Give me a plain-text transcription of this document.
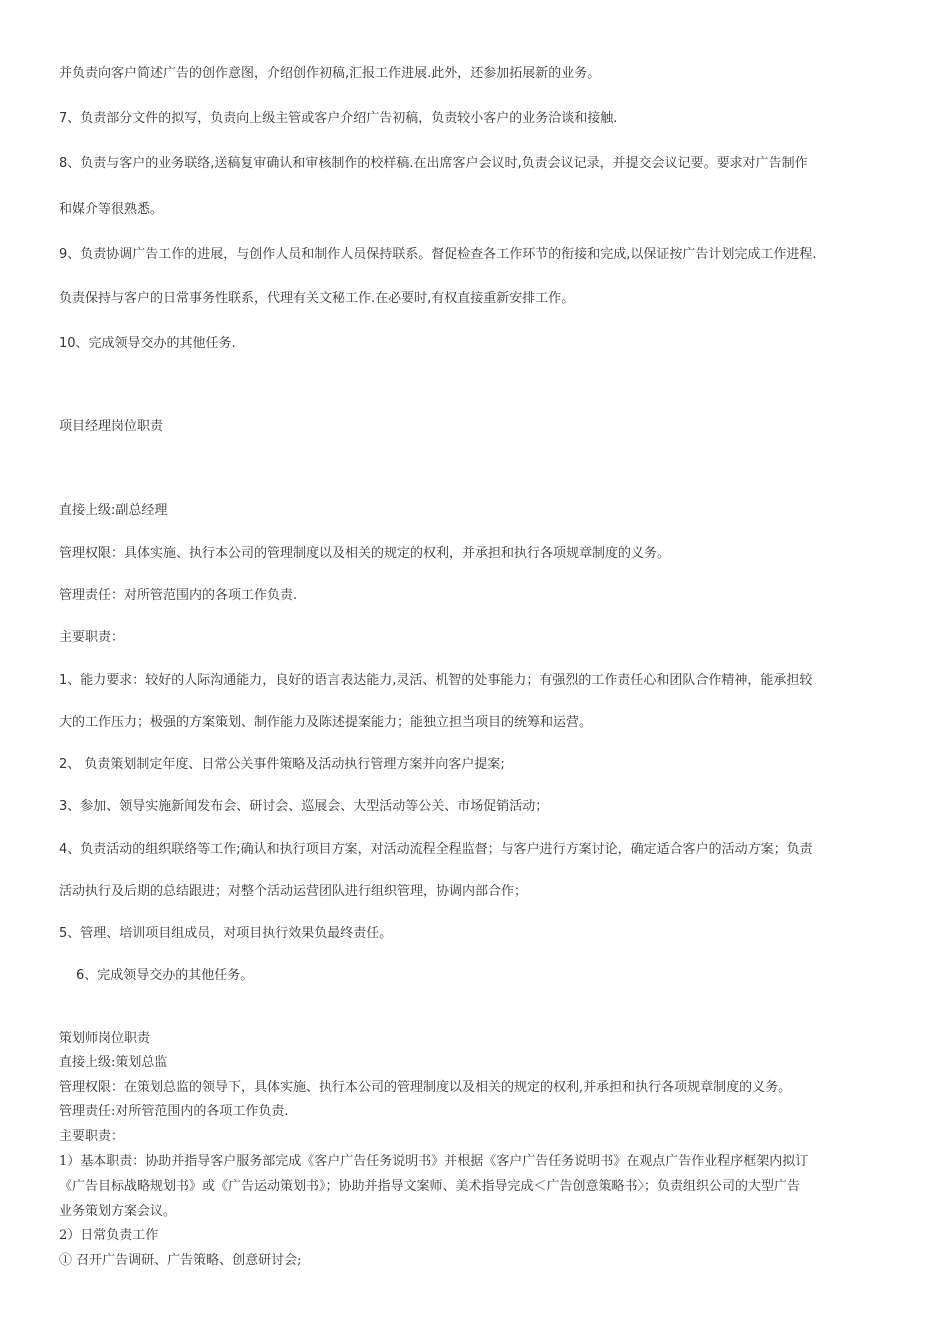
并负责向客户简述广告的创作意图，介绍创作初稿,汇报工作进展.此外，还参加拓展新的业务。
7、负责部分文件的拟写，负责向上级主管或客户介绍广告初稿，负责较小客户的业务洽谈和接触.
8、负责与客户的业务联络,送稿复审确认和审核制作的校样稿.在出席客户会议时,负责会议记录，并提交会议记要。要求对广告制作
和媒介等很熟悉。
9、负责协调广告工作的进展，与创作人员和制作人员保持联系。督促检查各工作环节的衔接和完成,以保证按广告计划完成工作进程.
负责保持与客户的日常事务性联系，代理有关文秘工作.在必要时,有权直接重新安排工作。
10、完成领导交办的其他任务.
项目经理岗位职责
直接上级:副总经理
管理权限：具体实施、执行本公司的管理制度以及相关的规定的权利，并承担和执行各项规章制度的义务。
管理责任：对所管范围内的各项工作负责.
主要职责：
1、能力要求：较好的人际沟通能力，良好的语言表达能力,灵活、机智的处事能力；有强烈的工作责任心和团队合作精神，能承担较
大的工作压力；极强的方案策划、制作能力及陈述提案能力；能独立担当项目的统筹和运营。
2、 负责策划制定年度、日常公关事件策略及活动执行管理方案并向客户提案;
3、参加、领导实施新闻发布会、研讨会、巡展会、大型活动等公关、市场促销活动；
4、负责活动的组织联络等工作;确认和执行项目方案，对活动流程全程监督；与客户进行方案讨论，确定适合客户的活动方案；负责
活动执行及后期的总结跟进；对整个活动运营团队进行组织管理，协调内部合作；
5、管理、培训项目组成员，对项目执行效果负最终责任。
6、完成领导交办的其他任务。
策划师岗位职责
直接上级:策划总监
管理权限：在策划总监的领导下，具体实施、执行本公司的管理制度以及相关的规定的权利,并承担和执行各项规章制度的义务。
管理责任:对所管范围内的各项工作负责.
主要职责：
1）基本职责：协助并指导客户服务部完成《客户广告任务说明书》并根据《客户广告任务说明书》在观点广告作业程序框架内拟订
《广告目标战略规划书》或《广告运动策划书》；协助并指导文案师、美术指导完成＜广告创意策略书〉；负责组织公司的大型广告
业务策划方案会议。
2）日常负责工作
① 召开广告调研、广告策略、创意研讨会;
